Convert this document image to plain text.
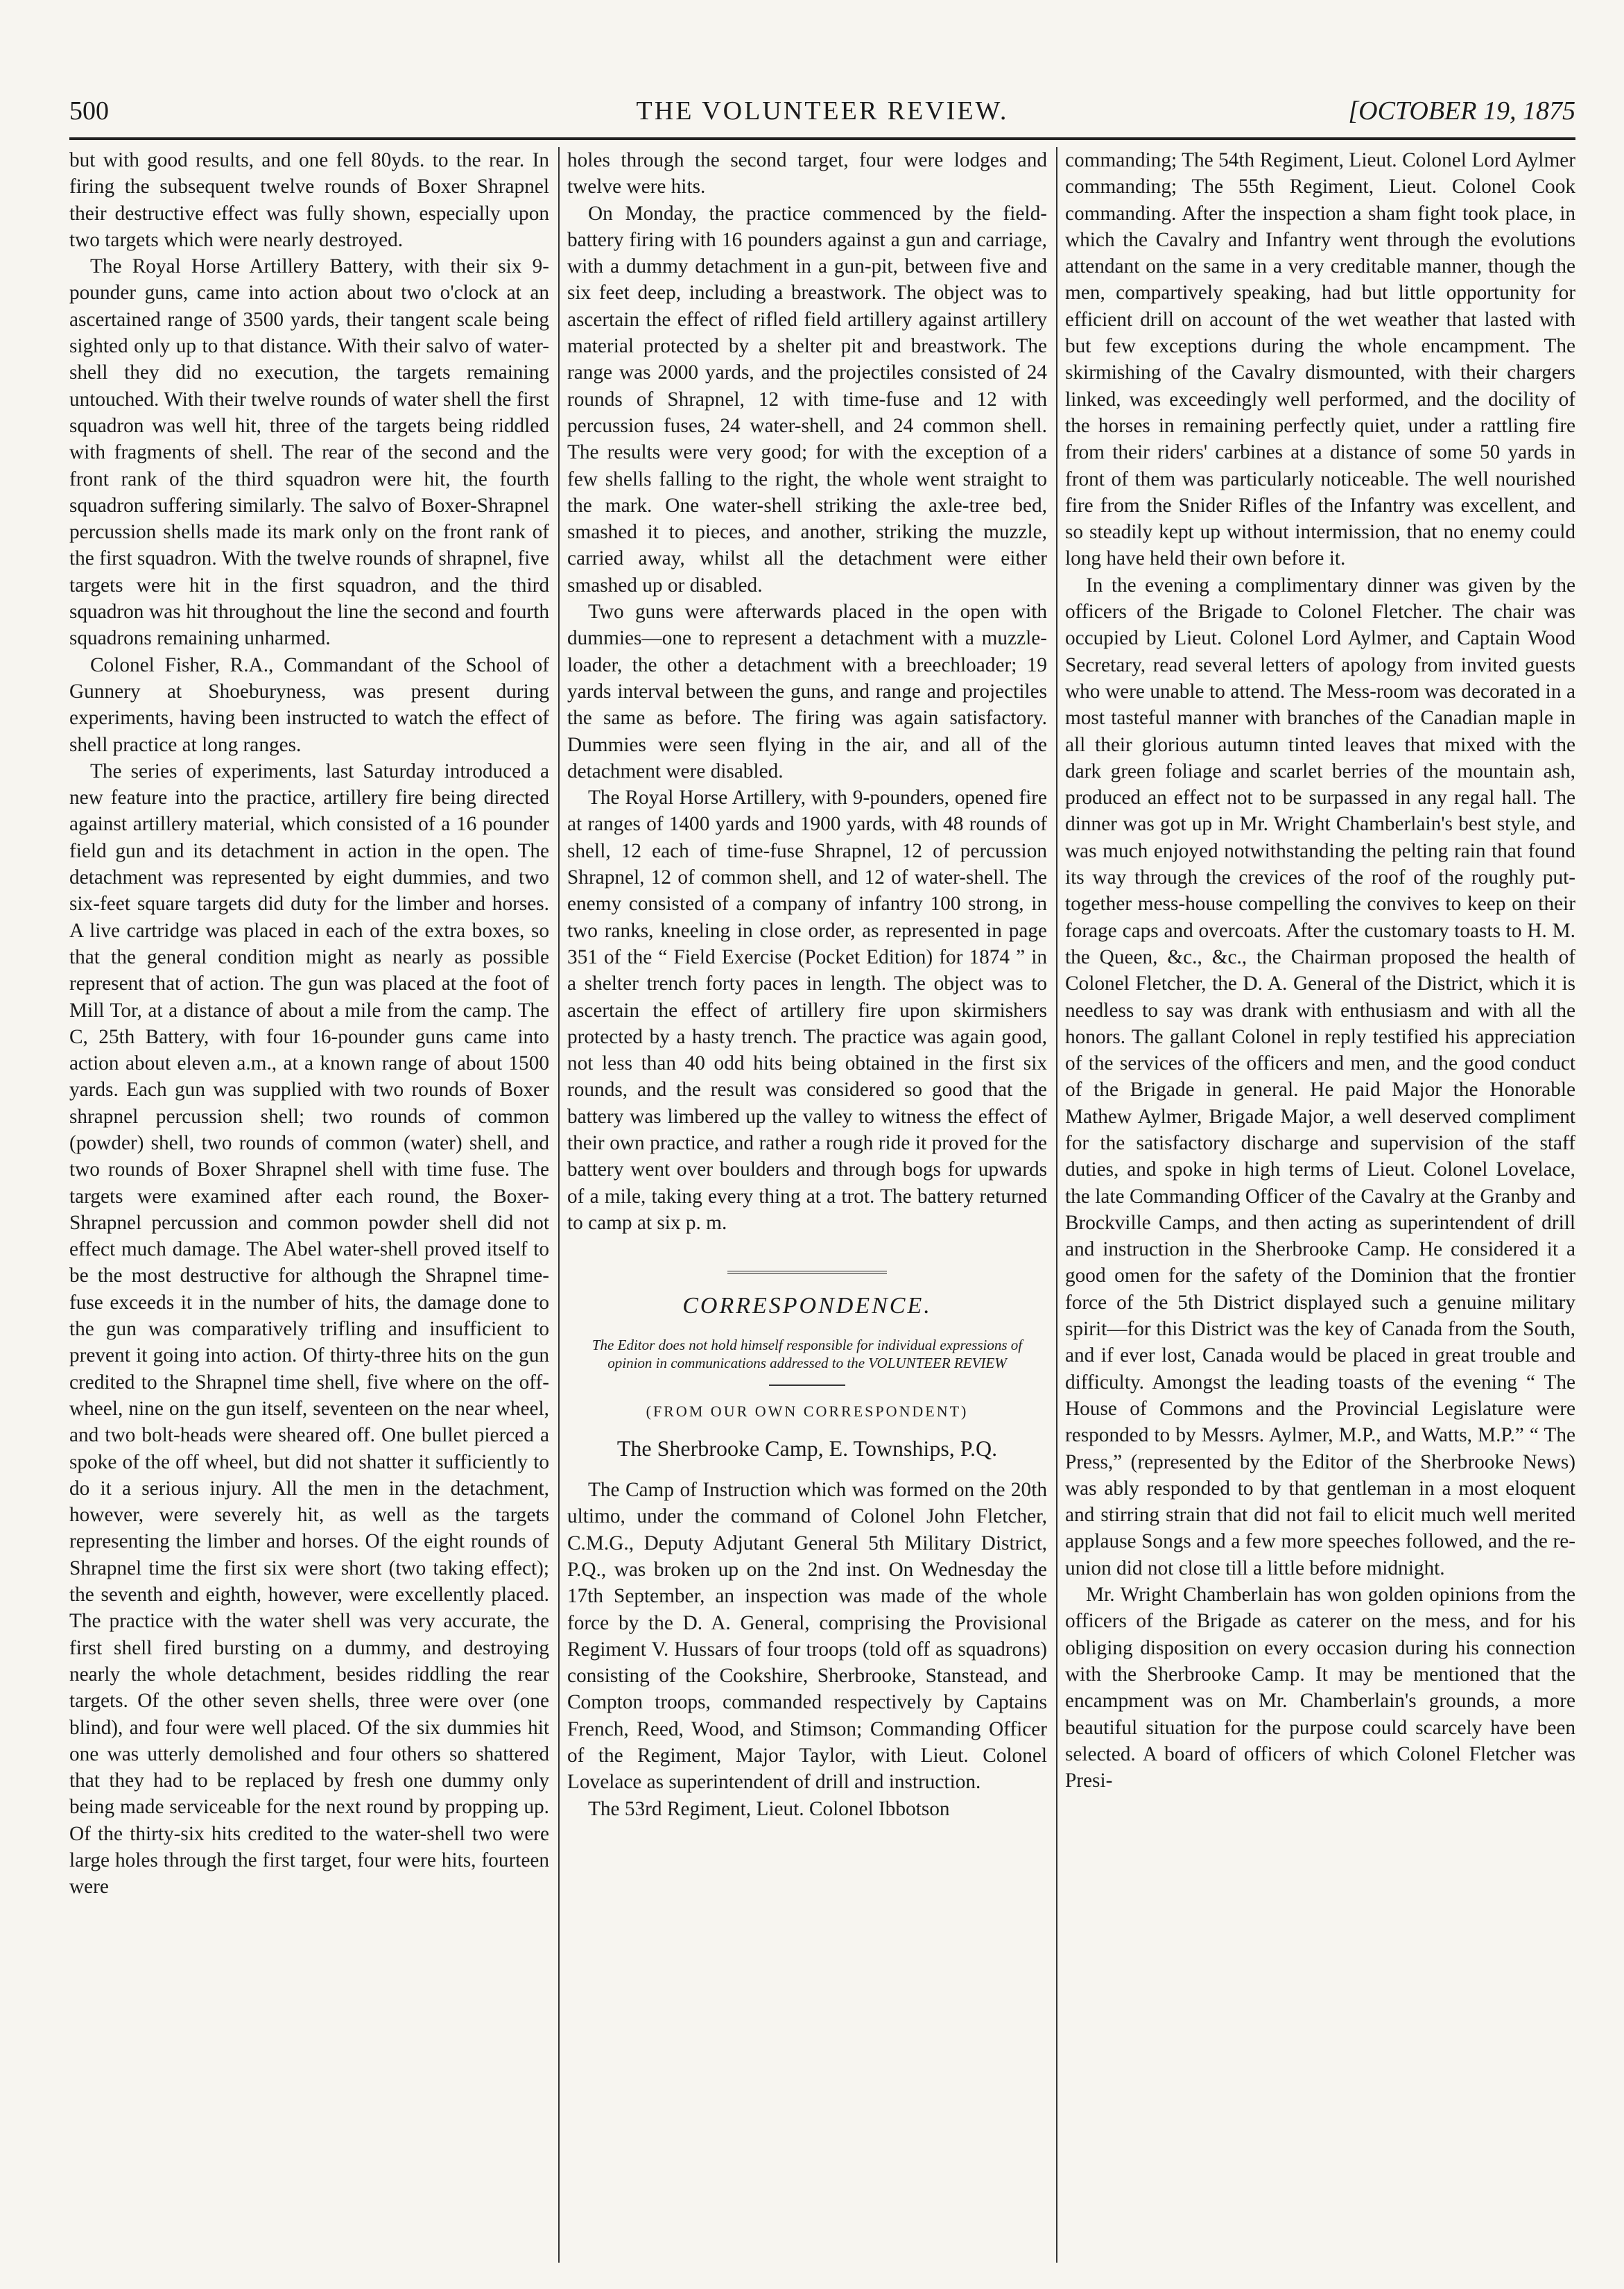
500	THE VOLUNTEER REVIEW.	[OCTOBER 19, 1875

but with good results, and one fell 80yds. to the rear. In firing the subsequent twelve rounds of Boxer Shrapnel their destructive effect was fully shown, especially upon two targets which were nearly destroyed.

The Royal Horse Artillery Battery, with their six 9-pounder guns, came into action about two o'clock at an ascertained range of 3500 yards, their tangent scale being sighted only up to that distance. With their salvo of water-shell they did no execution, the targets remaining untouched. With their twelve rounds of water shell the first squadron was well hit, three of the targets being riddled with fragments of shell. The rear of the second and the front rank of the third squadron were hit, the fourth squadron suffering similarly. The salvo of Boxer-Shrapnel percussion shells made its mark only on the front rank of the first squadron. With the twelve rounds of shrapnel, five targets were hit in the first squadron, and the third squadron was hit throughout the line the second and fourth squadrons remaining unharmed.

Colonel Fisher, R.A., Commandant of the School of Gunnery at Shoeburyness, was present during experiments, having been instructed to watch the effect of shell practice at long ranges.

The series of experiments, last Saturday introduced a new feature into the practice, artillery fire being directed against artillery material, which consisted of a 16 pounder field gun and its detachment in action in the open. The detachment was represented by eight dummies, and two six-feet square targets did duty for the limber and horses. A live cartridge was placed in each of the extra boxes, so that the general condition might as nearly as possible represent that of action. The gun was placed at the foot of Mill Tor, at a distance of about a mile from the camp. The C, 25th Battery, with four 16-pounder guns came into action about eleven a.m., at a known range of about 1500 yards. Each gun was supplied with two rounds of Boxer shrapnel percussion shell; two rounds of common (powder) shell, two rounds of common (water) shell, and two rounds of Boxer Shrapnel shell with time fuse. The targets were examined after each round, the Boxer-Shrapnel percussion and common powder shell did not effect much damage. The Abel water-shell proved itself to be the most destructive for although the Shrapnel time-fuse exceeds it in the number of hits, the damage done to the gun was comparatively trifling and insufficient to prevent it going into action. Of thirty-three hits on the gun credited to the Shrapnel time shell, five where on the off-wheel, nine on the gun itself, seventeen on the near wheel, and two bolt-heads were sheared off. One bullet pierced a spoke of the off wheel, but did not shatter it sufficiently to do it a serious injury. All the men in the detachment, however, were severely hit, as well as the targets representing the limber and horses. Of the eight rounds of Shrapnel time the first six were short (two taking effect); the seventh and eighth, however, were excellently placed. The practice with the water shell was very accurate, the first shell fired bursting on a dummy, and destroying nearly the whole detachment, besides riddling the rear targets. Of the other seven shells, three were over (one blind), and four were well placed. Of the six dummies hit one was utterly demolished and four others so shattered that they had to be replaced by fresh one dummy only being made serviceable for the next round by propping up. Of the thirty-six hits credited to the water-shell two were large holes through the first target, four were hits, fourteen were

holes through the second target, four were lodges and twelve were hits.

On Monday, the practice commenced by the field-battery firing with 16 pounders against a gun and carriage, with a dummy detachment in a gun-pit, between five and six feet deep, including a breastwork. The object was to ascertain the effect of rifled field artillery against artillery material protected by a shelter pit and breastwork. The range was 2000 yards, and the projectiles consisted of 24 rounds of Shrapnel, 12 with time-fuse and 12 with percussion fuses, 24 water-shell, and 24 common shell. The results were very good; for with the exception of a few shells falling to the right, the whole went straight to the mark. One water-shell striking the axle-tree bed, smashed it to pieces, and another, striking the muzzle, carried away, whilst all the detachment were either smashed up or disabled.

Two guns were afterwards placed in the open with dummies—one to represent a detachment with a muzzle-loader, the other a detachment with a breechloader; 19 yards interval between the guns, and range and projectiles the same as before. The firing was again satisfactory. Dummies were seen flying in the air, and all of the detachment were disabled.

The Royal Horse Artillery, with 9-pounders, opened fire at ranges of 1400 yards and 1900 yards, with 48 rounds of shell, 12 each of time-fuse Shrapnel, 12 of percussion Shrapnel, 12 of common shell, and 12 of water-shell. The enemy consisted of a company of infantry 100 strong, in two ranks, kneeling in close order, as represented in page 351 of the “ Field Exercise (Pocket Edition) for 1874 ” in a shelter trench forty paces in length. The object was to ascertain the effect of artillery fire upon skirmishers protected by a hasty trench. The practice was again good, not less than 40 odd hits being obtained in the first six rounds, and the result was considered so good that the battery was limbered up the valley to witness the effect of their own practice, and rather a rough ride it proved for the battery went over boulders and through bogs for upwards of a mile, taking every thing at a trot. The battery returned to camp at six p. m.

CORRESPONDENCE.
The Editor does not hold himself responsible for individual expressions of opinion in communications addressed to the VOLUNTEER REVIEW
(FROM OUR OWN CORRESPONDENT)
The Sherbrooke Camp, E. Townships, P.Q.

The Camp of Instruction which was formed on the 20th ultimo, under the command of Colonel John Fletcher, C.M.G., Deputy Adjutant General 5th Military District, P.Q., was broken up on the 2nd inst. On Wednesday the 17th September, an inspection was made of the whole force by the D. A. General, comprising the Provisional Regiment V. Hussars of four troops (told off as squadrons) consisting of the Cookshire, Sherbrooke, Stanstead, and Compton troops, commanded respectively by Captains French, Reed, Wood, and Stimson; Commanding Officer of the Regiment, Major Taylor, with Lieut. Colonel Lovelace as superintendent of drill and instruction.

The 53rd Regiment, Lieut. Colonel Ibbotson

commanding; The 54th Regiment, Lieut. Colonel Lord Aylmer commanding; The 55th Regiment, Lieut. Colonel Cook commanding. After the inspection a sham fight took place, in which the Cavalry and Infantry went through the evolutions attendant on the same in a very creditable manner, though the men, compartively speaking, had but little opportunity for efficient drill on account of the wet weather that lasted with but few exceptions during the whole encampment. The skirmishing of the Cavalry dismounted, with their chargers linked, was exceedingly well performed, and the docility of the horses in remaining perfectly quiet, under a rattling fire from their riders' carbines at a distance of some 50 yards in front of them was particularly noticeable. The well nourished fire from the Snider Rifles of the Infantry was excellent, and so steadily kept up without intermission, that no enemy could long have held their own before it.

In the evening a complimentary dinner was given by the officers of the Brigade to Colonel Fletcher. The chair was occupied by Lieut. Colonel Lord Aylmer, and Captain Wood Secretary, read several letters of apology from invited guests who were unable to attend. The Mess-room was decorated in a most tasteful manner with branches of the Canadian maple in all their glorious autumn tinted leaves that mixed with the dark green foliage and scarlet berries of the mountain ash, produced an effect not to be surpassed in any regal hall. The dinner was got up in Mr. Wright Chamberlain's best style, and was much enjoyed notwithstanding the pelting rain that found its way through the crevices of the roof of the roughly put-together mess-house compelling the convives to keep on their forage caps and overcoats. After the customary toasts to H. M. the Queen, &c., &c., the Chairman proposed the health of Colonel Fletcher, the D. A. General of the District, which it is needless to say was drank with enthusiasm and with all the honors. The gallant Colonel in reply testified his appreciation of the services of the officers and men, and the good conduct of the Brigade in general. He paid Major the Honorable Mathew Aylmer, Brigade Major, a well deserved compliment for the satisfactory discharge and supervision of the staff duties, and spoke in high terms of Lieut. Colonel Lovelace, the late Commanding Officer of the Cavalry at the Granby and Brockville Camps, and then acting as superintendent of drill and instruction in the Sherbrooke Camp. He considered it a good omen for the safety of the Dominion that the frontier force of the 5th District displayed such a genuine military spirit—for this District was the key of Canada from the South, and if ever lost, Canada would be placed in great trouble and difficulty. Amongst the leading toasts of the evening “ The House of Commons and the Provincial Legislature were responded to by Messrs. Aylmer, M.P., and Watts, M.P.” “ The Press,” (represented by the Editor of the Sherbrooke News) was ably responded to by that gentleman in a most eloquent and stirring strain that did not fail to elicit much well merited applause Songs and a few more speeches followed, and the re-union did not close till a little before midnight.

Mr. Wright Chamberlain has won golden opinions from the officers of the Brigade as caterer on the mess, and for his obliging disposition on every occasion during his connection with the Sherbrooke Camp. It may be mentioned that the encampment was on Mr. Chamberlain's grounds, a more beautiful situation for the purpose could scarcely have been selected. A board of officers of which Colonel Fletcher was Presi-
